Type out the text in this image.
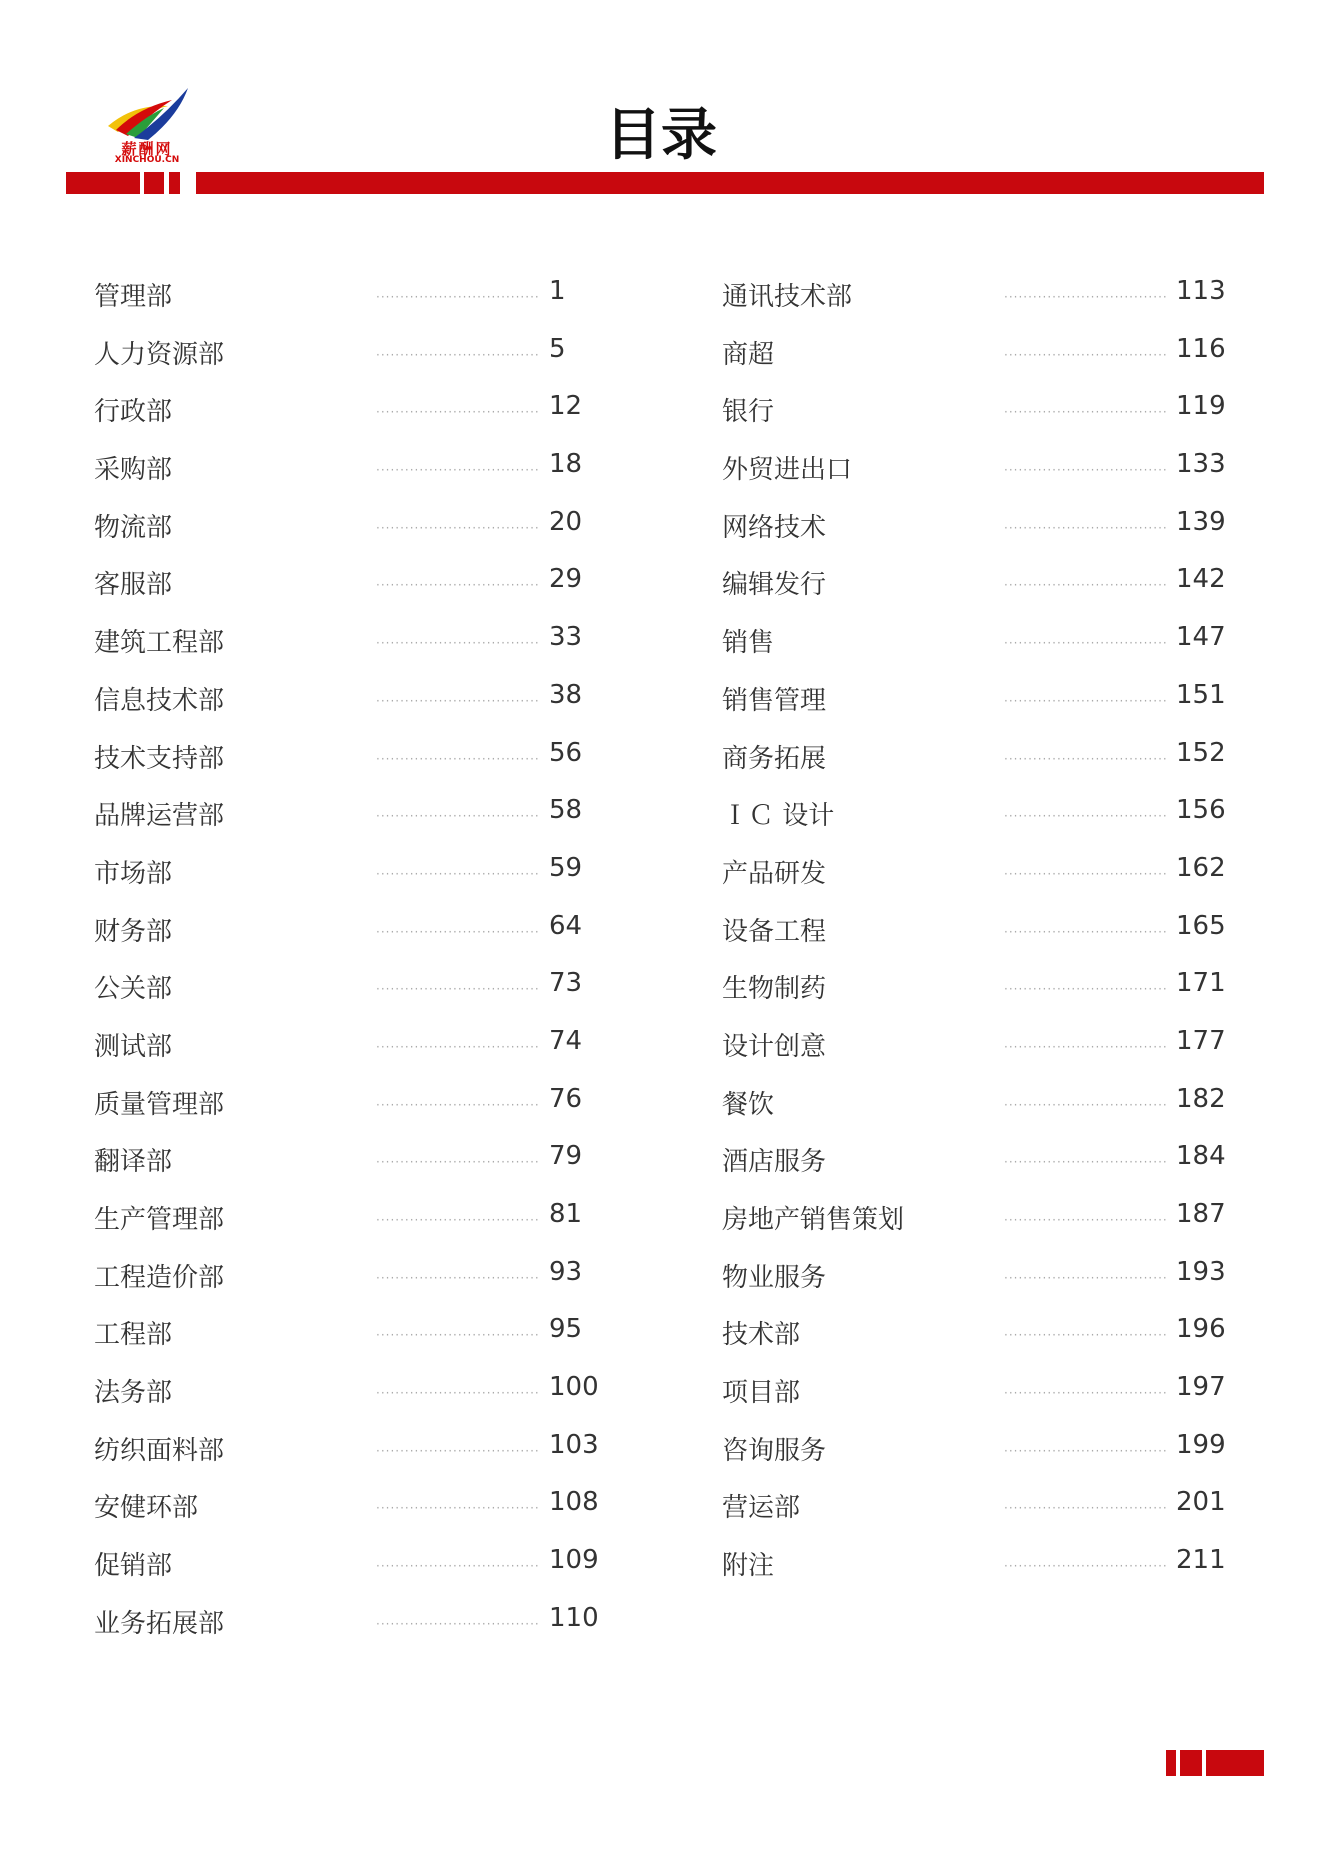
薪酬网
XINCHOU.CN	目录
管理部	·································· 1
人力资源部	·································· 5
行政部	·································· 12
采购部	·································· 18
物流部	·································· 20
客服部	·································· 29
建筑工程部	·································· 33
信息技术部	·································· 38
技术支持部	·································· 56
品牌运营部	·································· 58
市场部	·································· 59
财务部	·································· 64
公关部	·································· 73
测试部	·································· 74
质量管理部	·································· 76
翻译部	·································· 79
生产管理部	·································· 81
工程造价部	·································· 93
工程部	·································· 95
法务部	·································· 100
纺织面料部	·································· 103
安健环部	·································· 108
促销部	·································· 109
业务拓展部	·································· 110
通讯技术部	·································· 113
商超	·································· 116
银行	·································· 119
外贸进出口	·································· 133
网络技术	·································· 139
编辑发行	·································· 142
销售	·································· 147
销售管理	·································· 151
商务拓展	·································· 152
ＩＣ 设计	·································· 156
产品研发	·································· 162
设备工程	·································· 165
生物制药	·································· 171
设计创意	·································· 177
餐饮	·································· 182
酒店服务	·································· 184
房地产销售策划	·································· 187
物业服务	·································· 193
技术部	·································· 196
项目部	·································· 197
咨询服务	·································· 199
营运部	·································· 201
附注	·································· 211
